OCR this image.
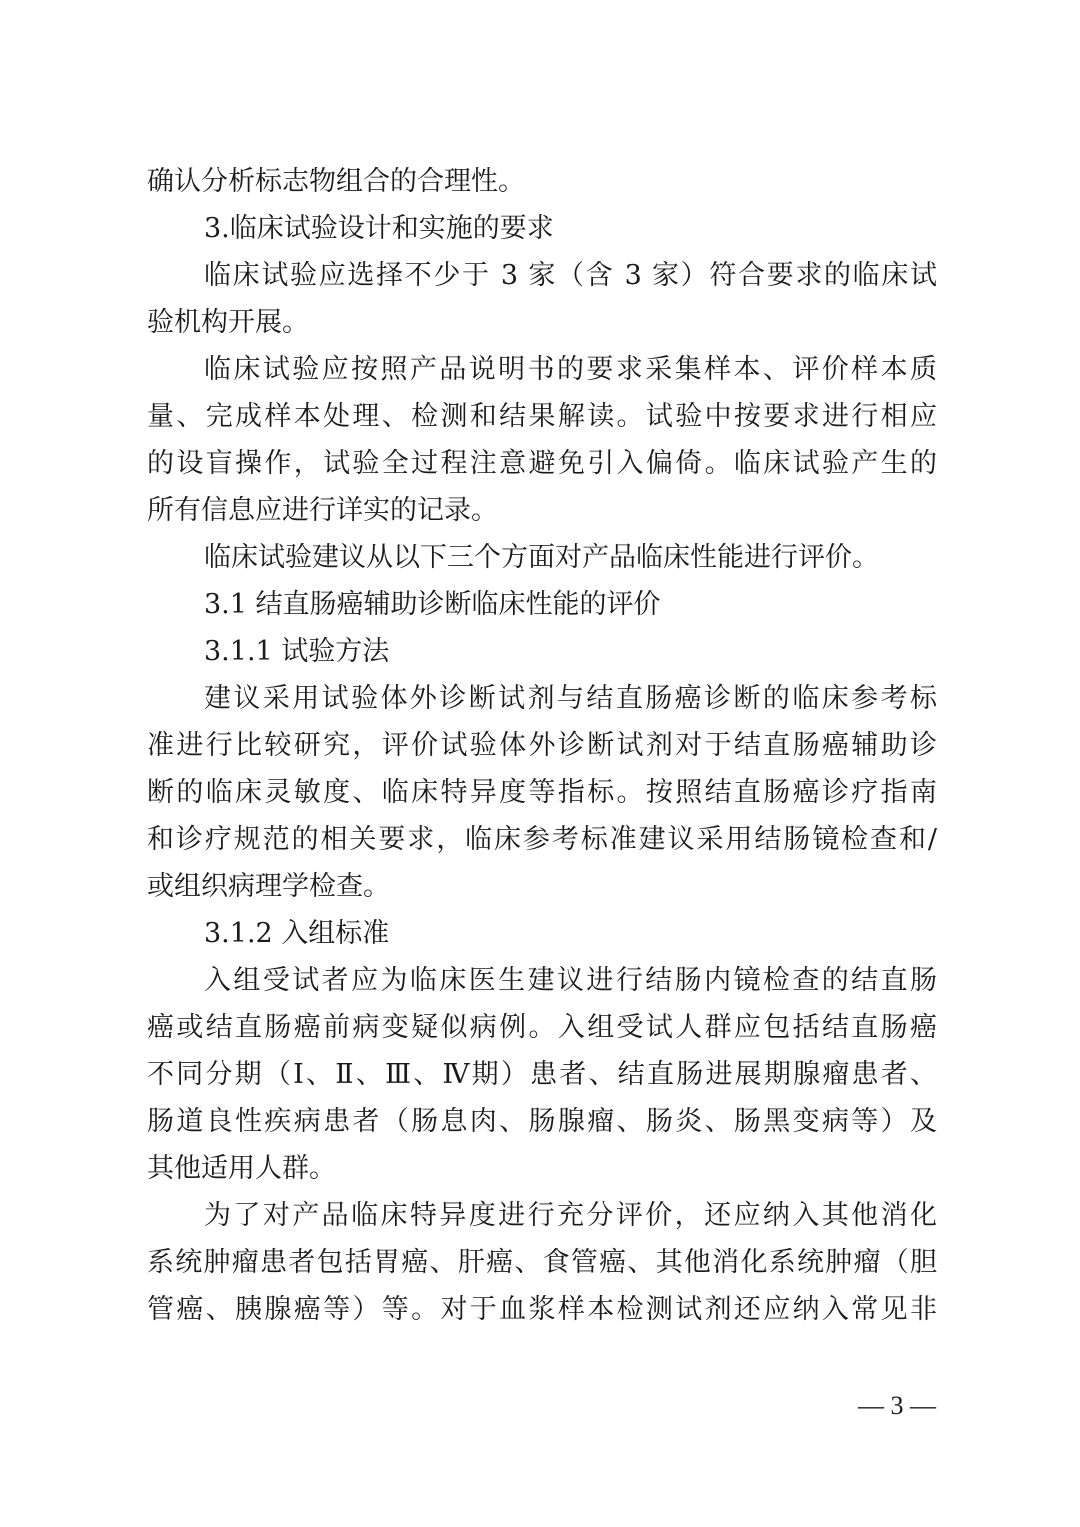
确认分析标志物组合的合理性。
3.临床试验设计和实施的要求
临床试验应选择不少于 3 家（含 3 家）符合要求的临床试
验机构开展。
临床试验应按照产品说明书的要求采集样本、评价样本质
量、完成样本处理、检测和结果解读。试验中按要求进行相应
的设盲操作，试验全过程注意避免引入偏倚。临床试验产生的
所有信息应进行详实的记录。
临床试验建议从以下三个方面对产品临床性能进行评价。
3.1 结直肠癌辅助诊断临床性能的评价
3.1.1 试验方法
建议采用试验体外诊断试剂与结直肠癌诊断的临床参考标
准进行比较研究，评价试验体外诊断试剂对于结直肠癌辅助诊
断的临床灵敏度、临床特异度等指标。按照结直肠癌诊疗指南
和诊疗规范的相关要求，临床参考标准建议采用结肠镜检查和/
或组织病理学检查。
3.1.2 入组标准
入组受试者应为临床医生建议进行结肠内镜检查的结直肠
癌或结直肠癌前病变疑似病例。入组受试人群应包括结直肠癌
不同分期（Ⅰ、Ⅱ、Ⅲ、Ⅳ期）患者、结直肠进展期腺瘤患者、
肠道良性疾病患者（肠息肉、肠腺瘤、肠炎、肠黑变病等）及
其他适用人群。
为了对产品临床特异度进行充分评价，还应纳入其他消化
系统肿瘤患者包括胃癌、肝癌、食管癌、其他消化系统肿瘤（胆
管癌、胰腺癌等）等。对于血浆样本检测试剂还应纳入常见非
— 3 —
